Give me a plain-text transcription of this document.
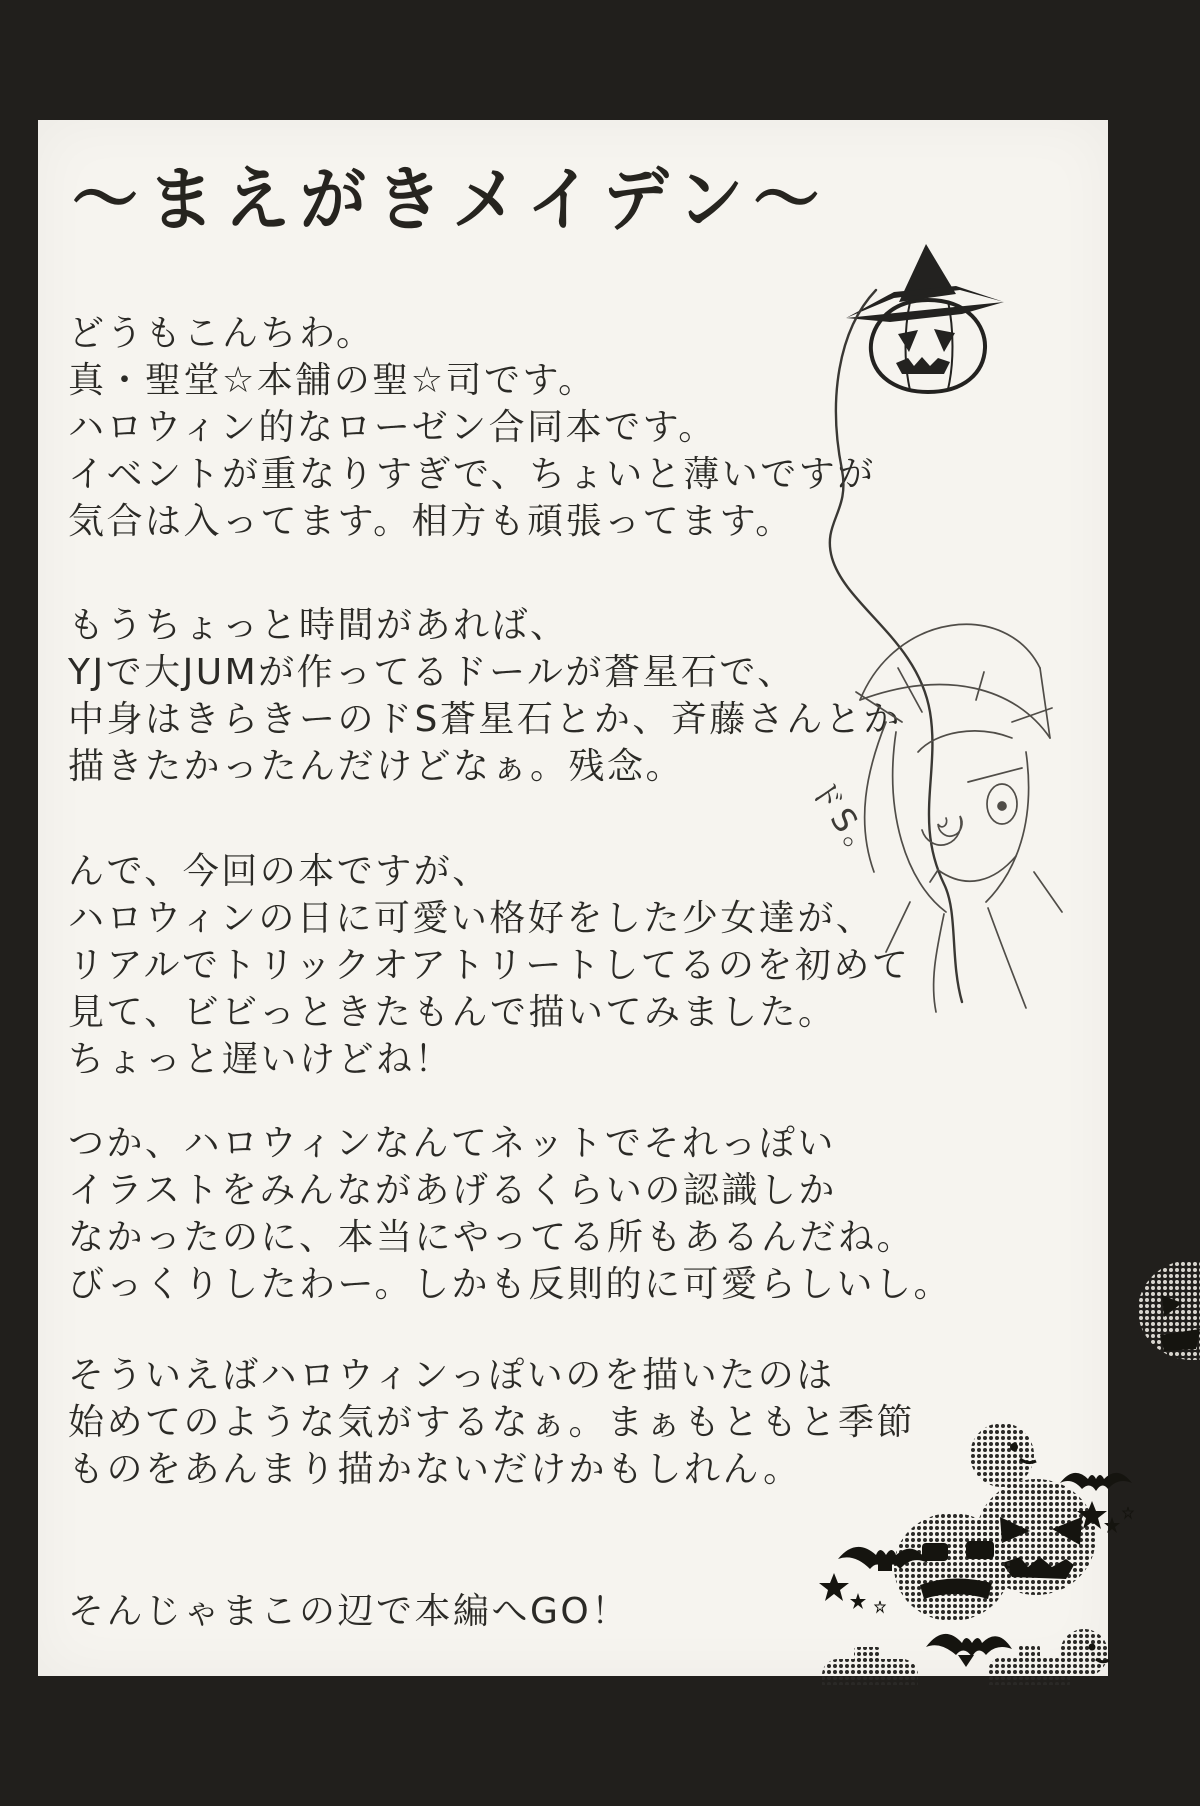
～まえがきメイデン～
どうもこんちわ。
真・聖堂☆本舗の聖☆司です。
ハロウィン的なローゼン合同本です。
イベントが重なりすぎで、ちょいと薄いですが
気合は入ってます。相方も頑張ってます。
もうちょっと時間があれば、
YJで大JUMが作ってるドールが蒼星石で、
中身はきらきーのドS蒼星石とか、斉藤さんとか
描きたかったんだけどなぁ。残念。
んで、今回の本ですが、
ハロウィンの日に可愛い格好をした少女達が、
リアルでトリックオアトリートしてるのを初めて
見て、ビビっときたもんで描いてみました。
ちょっと遅いけどね！
つか、ハロウィンなんてネットでそれっぽい
イラストをみんながあげるくらいの認識しか
なかったのに、本当にやってる所もあるんだね。
びっくりしたわー。しかも反則的に可愛らしいし。
そういえばハロウィンっぽいのを描いたのは
始めてのような気がするなぁ。まぁもともと季節
ものをあんまり描かないだけかもしれん。
そんじゃまこの辺で本編へGO！
ドS。
